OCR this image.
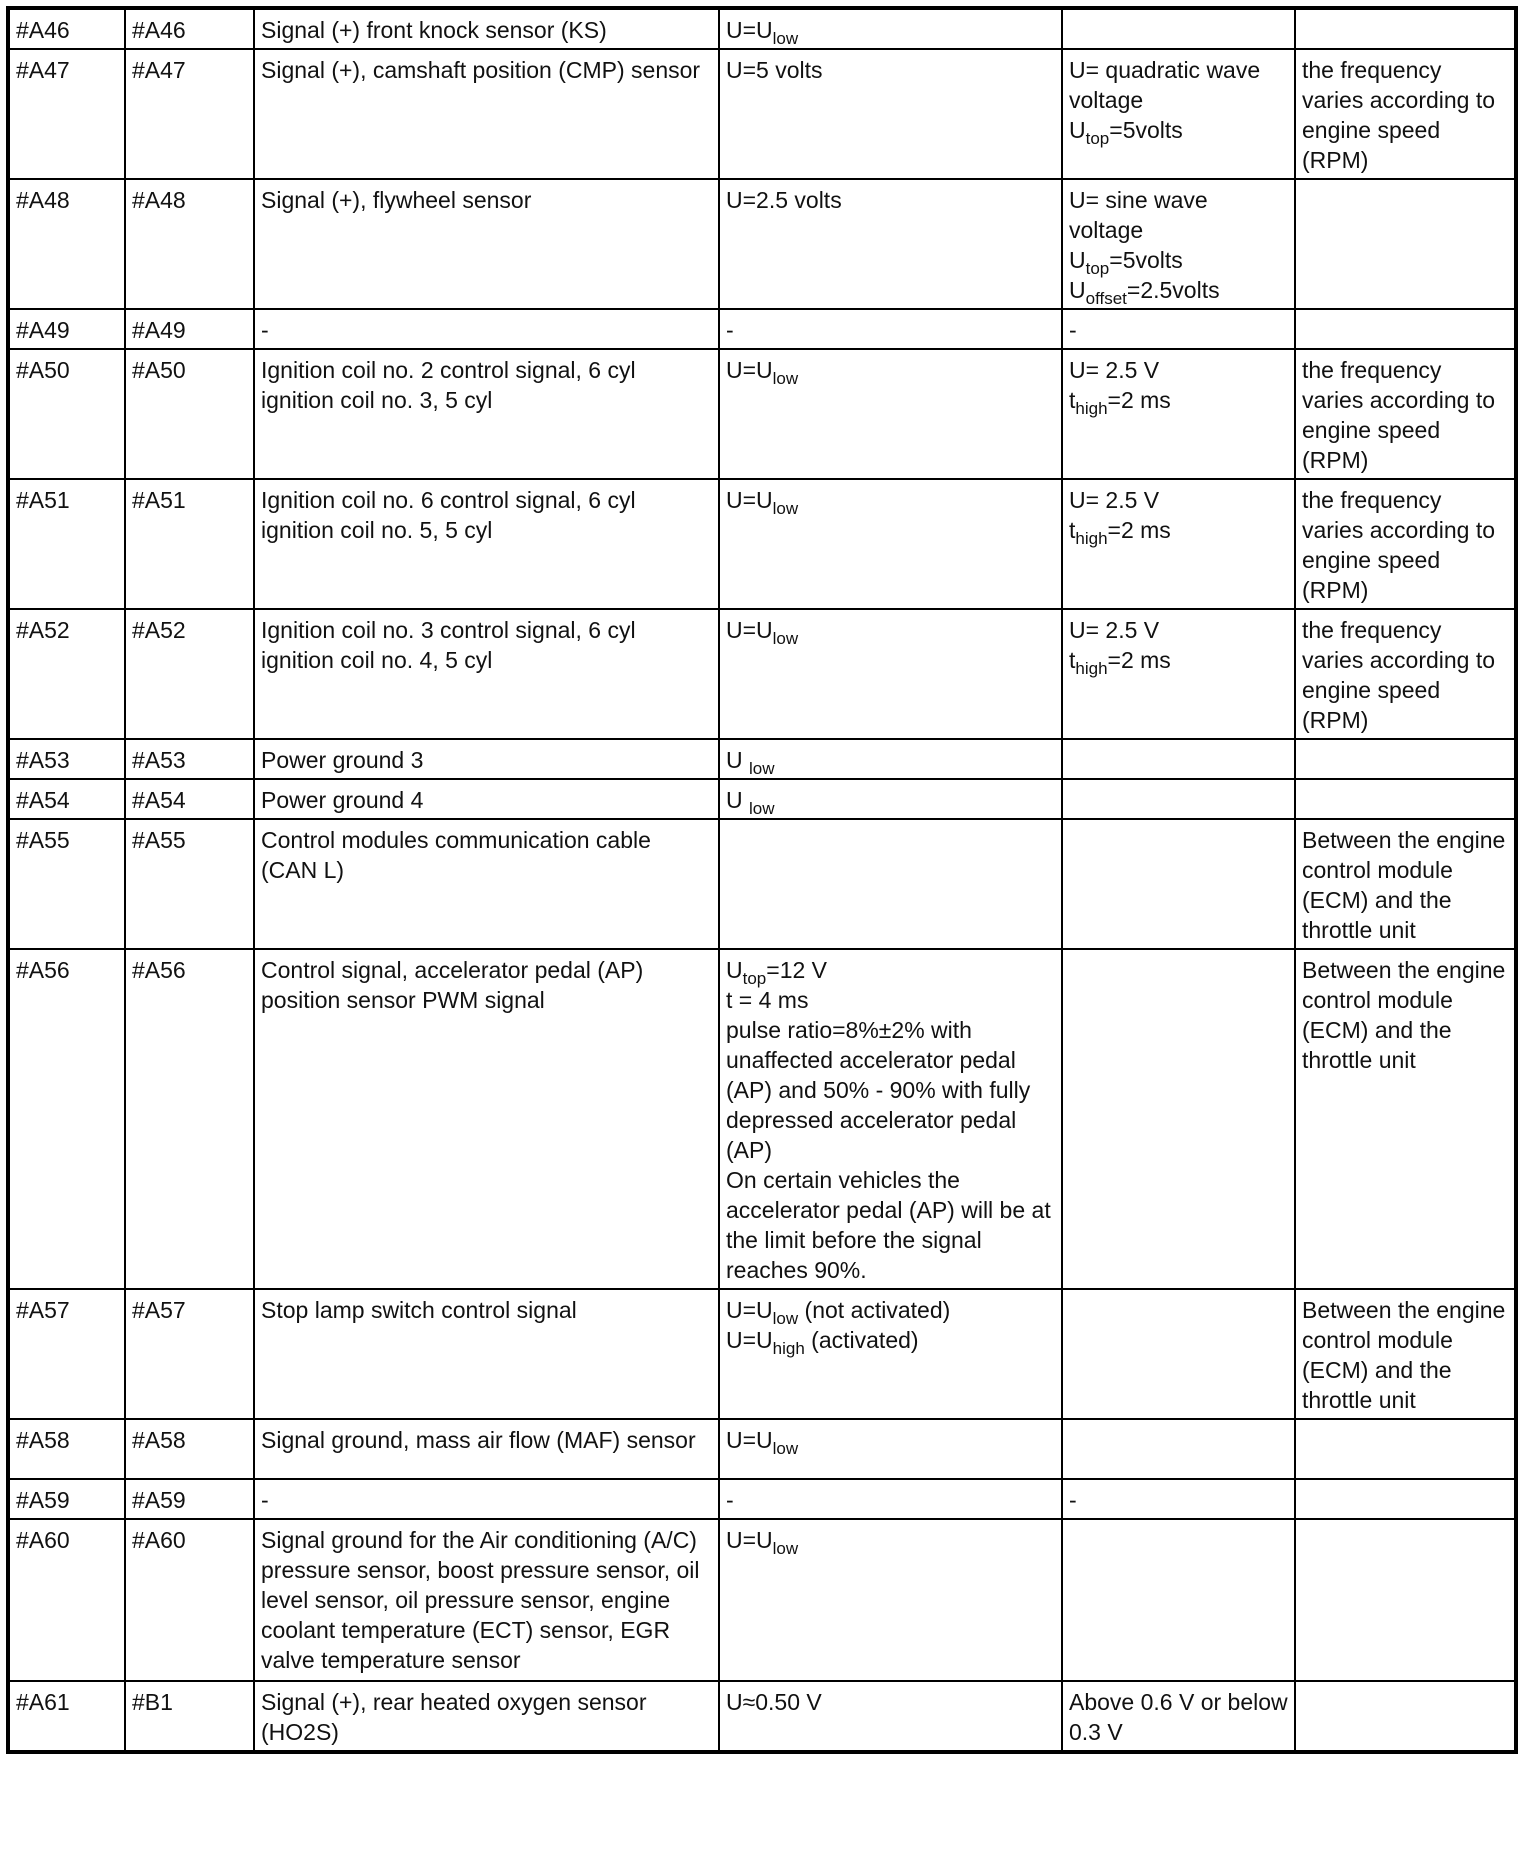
#A46	#A46	Signal (+) front knock sensor (KS)	$U=U_{low}$

#A47	#A47	Signal (+), camshaft position (CMP) sensor	U=5 volts	U= quadratic wave voltage
$U_{top}=5volts$	the frequency varies according to engine speed (RPM)

#A48	#A48	Signal (+), flywheel sensor	U=2.5 volts	U= sine wave voltage
$U_{top}=5volts$
$U_{offset}=2.5volts$	

#A49	#A49	-	-	-	

#A50	#A50	Ignition coil no. 2 control signal, 6 cyl
ignition coil no. 3, 5 cyl	$U=U_{low}$	U= 2.5 V
$t_{high}=2$ ms	the frequency varies according to engine speed (RPM)

#A51	#A51	Ignition coil no. 6 control signal, 6 cyl
ignition coil no. 5, 5 cyl	$U=U_{low}$	U= 2.5 V
$t_{high}=2$ ms	the frequency varies according to engine speed (RPM)

#A52	#A52	Ignition coil no. 3 control signal, 6 cyl
ignition coil no. 4, 5 cyl	$U=U_{low}$	U= 2.5 V
$t_{high}=2$ ms	the frequency varies according to engine speed (RPM)

#A53	#A53	Power ground 3	U $_{low}$

#A54	#A54	Power ground 4	U $_{low}$

#A55	#A55	Control modules communication cable (CAN L)			Between the engine control module (ECM) and the throttle unit

#A56	#A56	Control signal, accelerator pedal (AP) position sensor PWM signal	$U_{top}=12$ V
t = 4 ms
pulse ratio=8%±2% with unaffected accelerator pedal (AP) and 50% - 90% with fully depressed accelerator pedal (AP)
On certain vehicles the accelerator pedal (AP) will be at the limit before the signal reaches 90%.		Between the engine control module (ECM) and the throttle unit

#A57	#A57	Stop lamp switch control signal	$U=U_{low}$ (not activated)
$U=U_{high}$ (activated)		Between the engine control module (ECM) and the throttle unit

#A58	#A58	Signal ground, mass air flow (MAF) sensor	$U=U_{low}$

#A59	#A59	-	-	-	

#A60	#A60	Signal ground for the Air conditioning (A/C) pressure sensor, boost pressure sensor, oil level sensor, oil pressure sensor, engine coolant temperature (ECT) sensor, EGR valve temperature sensor	$U=U_{low}$

#A61	#B1	Signal (+), rear heated oxygen sensor (HO2S)	U≈0.50 V	Above 0.6 V or below 0.3 V	
